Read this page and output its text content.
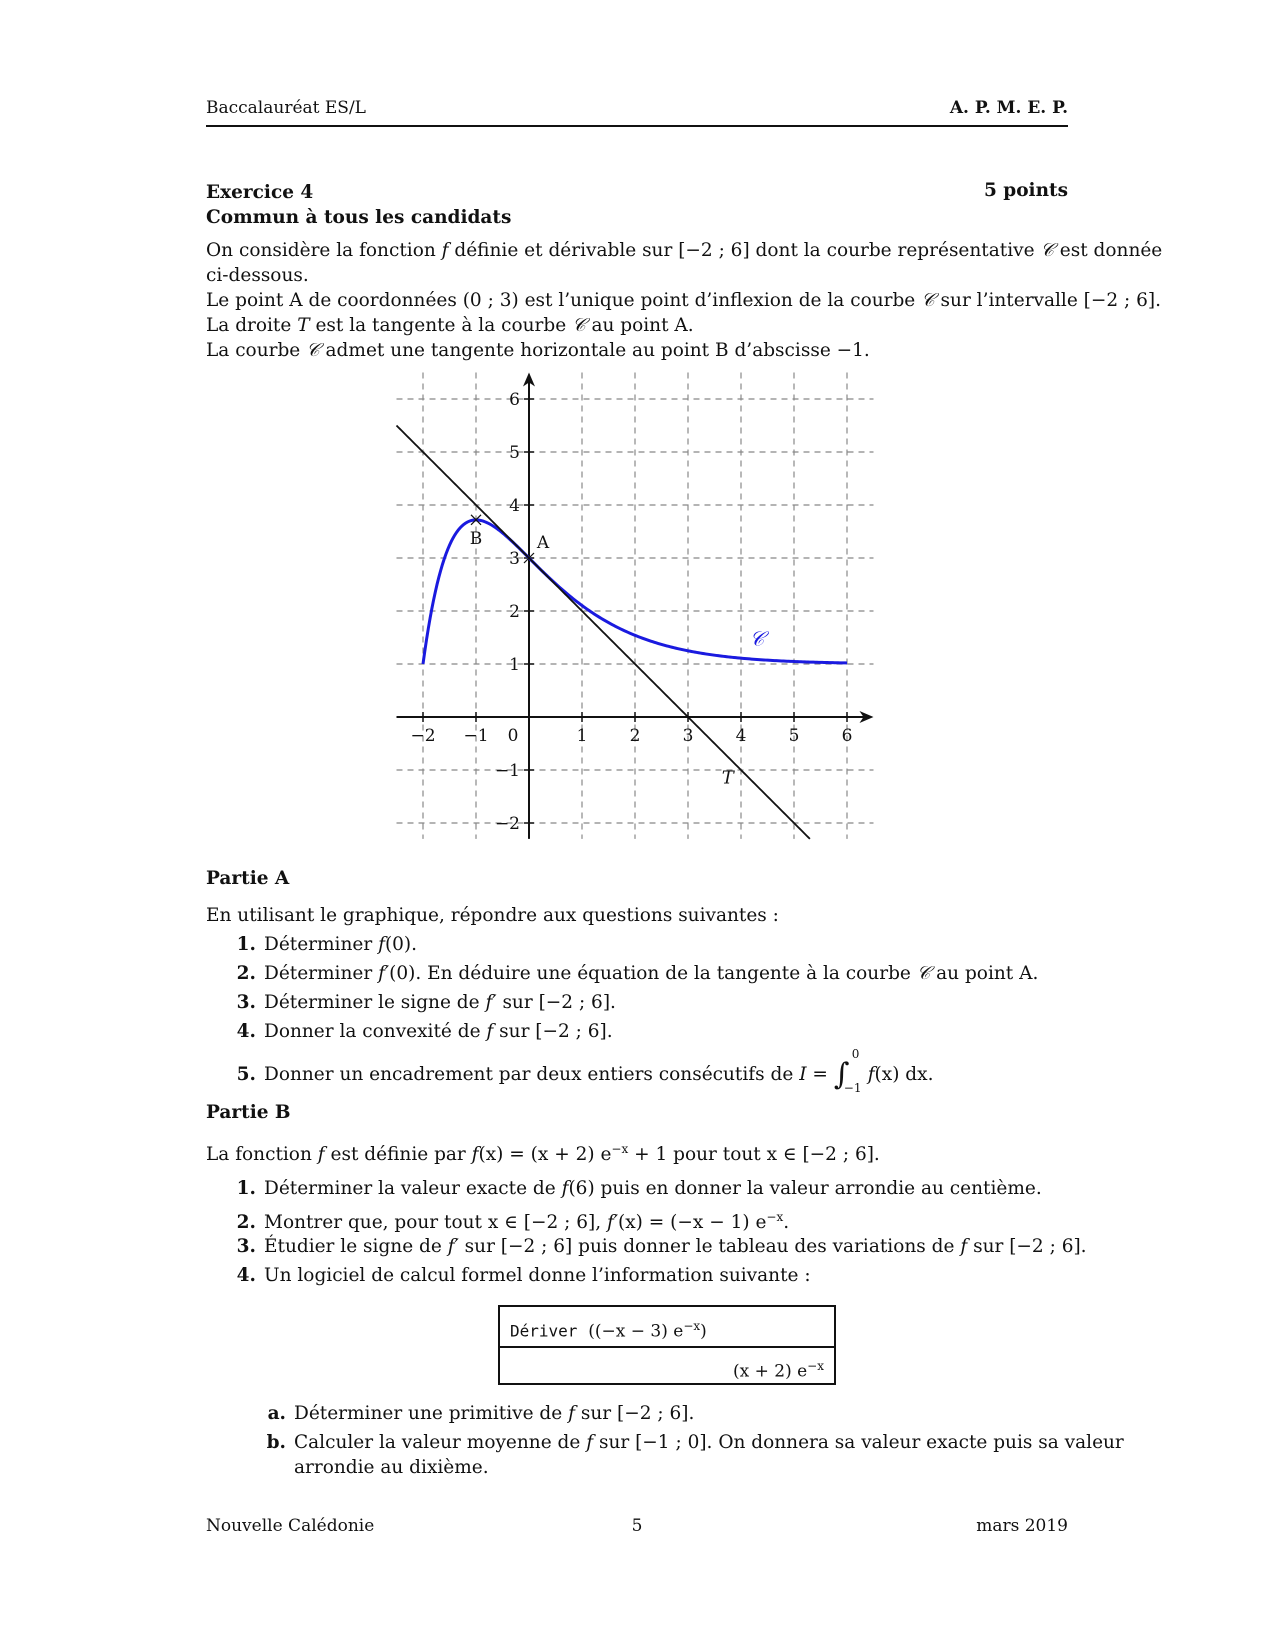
Baccalauréat ES/L	A. P. M. E. P.
Exercice 4	5 points
Commun à tous les candidats
On considère la fonction f définie et dérivable sur [−2 ; 6] dont la courbe représentative 𝒞 est donnée
ci-dessous.
Le point A de coordonnées (0 ; 3) est l’unique point d’inflexion de la courbe 𝒞 sur l’intervalle [−2 ; 6].
La droite T est la tangente à la courbe 𝒞 au point A.
La courbe 𝒞 admet une tangente horizontale au point B d’abscisse −1.
−2 −1	1 2 3 4 5 6
−2
−1
1
2
3
4
5
6
0
A
B
𝒞
T
Partie A
En utilisant le graphique, répondre aux questions suivantes :
1. Déterminer f(0).
2. Déterminer f′(0). En déduire une équation de la tangente à la courbe 𝒞 au point A.
3. Déterminer le signe de f′ sur [−2 ; 6].
4. Donner la convexité de f sur [−2 ; 6].
5. Donner un encadrement par deux entiers consécutifs de I = ∫
0
−1
f(x) dx.
Partie B
La fonction f est définie par f(x) = (x + 2) $e^{-x} + 1$ pour tout x ∈ [−2 ; 6].
1. Déterminer la valeur exacte de f(6) puis en donner la valeur arrondie au centième.
2. Montrer que, pour tout x ∈ [−2 ; 6], f′(x) = (−x − 1) $e^{-x}$.
3. Étudier le signe de f′ sur [−2 ; 6] puis donner le tableau des variations de f sur [−2 ; 6].
4. Un logiciel de calcul formel donne l’information suivante :
Dériver ((−x − 3) $e^{-x}$)
(x + 2) $e^{-x}$
a. Déterminer une primitive de f sur [−2 ; 6].
b. Calculer la valeur moyenne de f sur [−1 ; 0]. On donnera sa valeur exacte puis sa valeur
arrondie au dixième.
Nouvelle Calédonie	5	mars 2019
